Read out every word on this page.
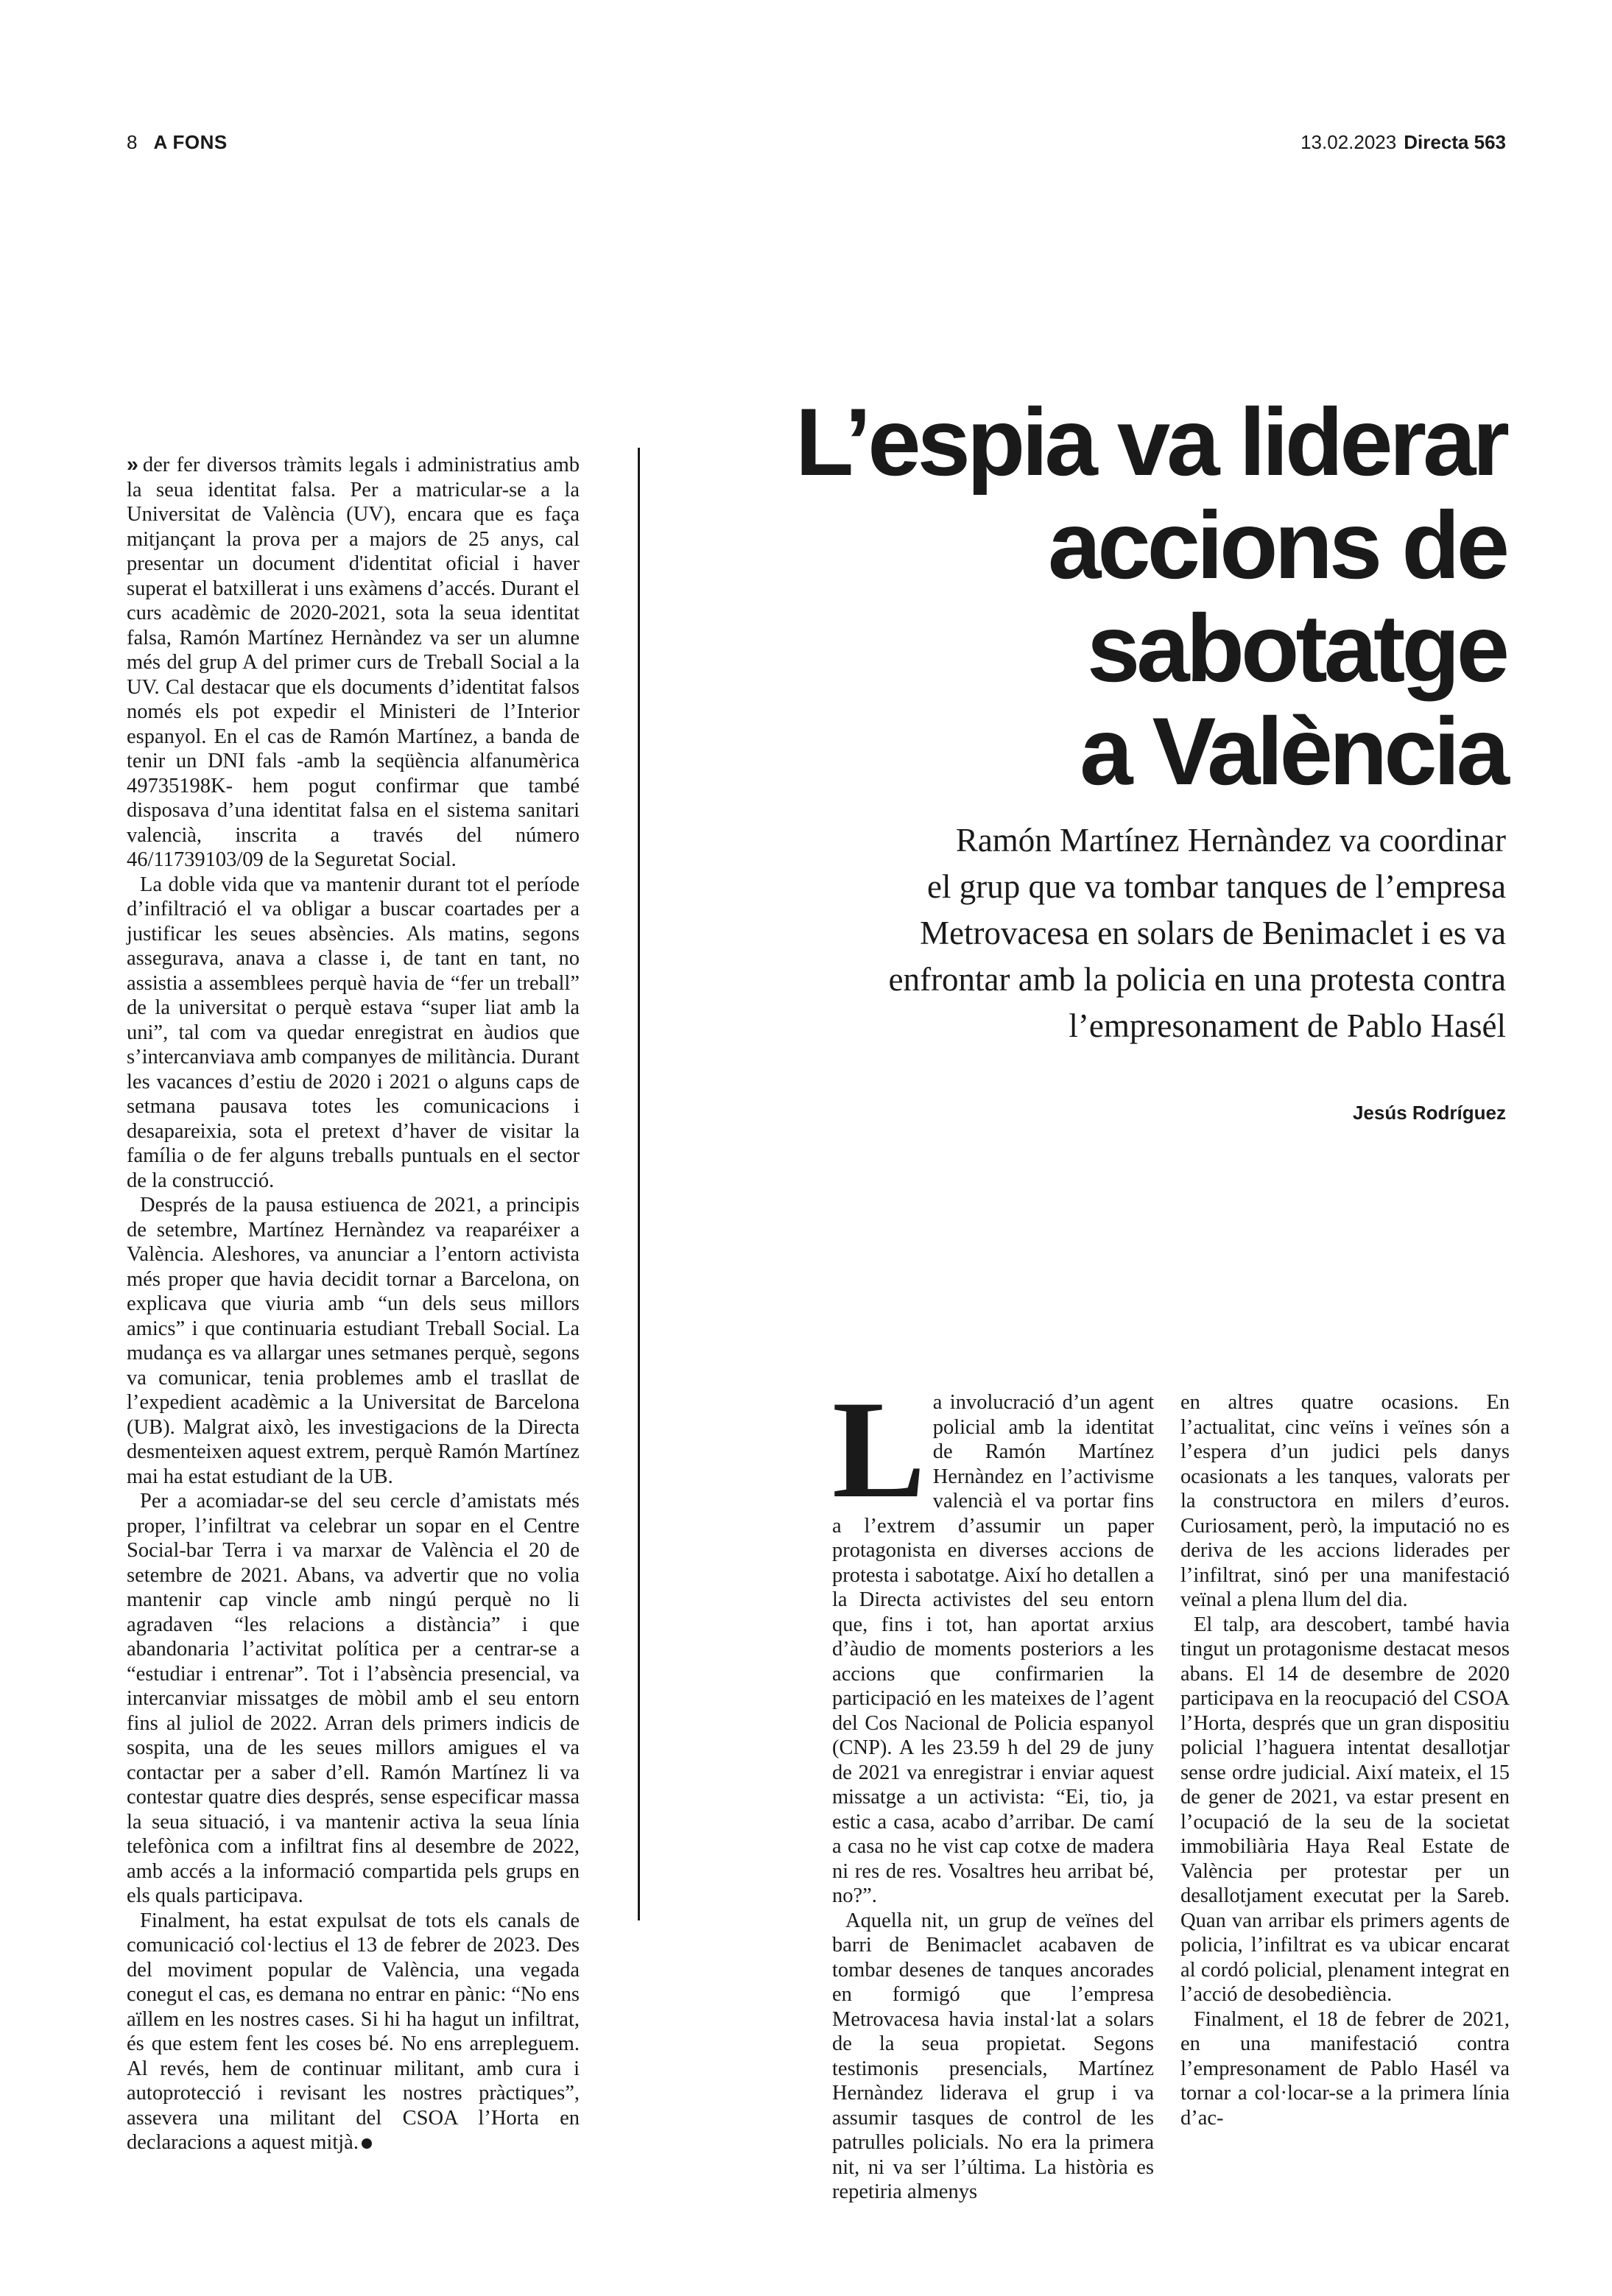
8 A FONS	13.02.2023 Directa 563

» der fer diversos tràmits legals i administratius amb la seua identitat falsa. Per a matricular-se a la Universitat de València (UV), encara que es faça mitjançant la prova per a majors de 25 anys, cal presentar un document d'identitat oficial i haver superat el batxillerat i uns exàmens d’accés. Durant el curs acadèmic de 2020-2021, sota la seua identitat falsa, Ramón Martínez Hernàndez va ser un alumne més del grup A del primer curs de Treball Social a la UV. Cal destacar que els documents d’identitat falsos només els pot expedir el Ministeri de l’Interior espanyol. En el cas de Ramón Martínez, a banda de tenir un DNI fals -amb la seqüència alfanumèrica 49735198K- hem pogut confirmar que també disposava d’una identitat falsa en el sistema sanitari valencià, inscrita a través del número 46/11739103/09 de la Seguretat Social.

La doble vida que va mantenir durant tot el període d’infiltració el va obligar a buscar coartades per a justificar les seues absències. Als matins, segons assegurava, anava a classe i, de tant en tant, no assistia a assemblees perquè havia de “fer un treball” de la universitat o perquè estava “super liat amb la uni”, tal com va quedar enregistrat en àudios que s’intercanviava amb companyes de militància. Durant les vacances d’estiu de 2020 i 2021 o alguns caps de setmana pausava totes les comunicacions i desapareixia, sota el pretext d’haver de visitar la família o de fer alguns treballs puntuals en el sector de la construcció.

Després de la pausa estiuenca de 2021, a principis de setembre, Martínez Hernàndez va reaparéixer a València. Aleshores, va anunciar a l’entorn activista més proper que havia decidit tornar a Barcelona, on explicava que viuria amb “un dels seus millors amics” i que continuaria estudiant Treball Social. La mudança es va allargar unes setmanes perquè, segons va comunicar, tenia problemes amb el trasllat de l’expedient acadèmic a la Universitat de Barcelona (UB). Malgrat això, les investigacions de la Directa desmenteixen aquest extrem, perquè Ramón Martínez mai ha estat estudiant de la UB.

Per a acomiadar-se del seu cercle d’amistats més proper, l’infiltrat va celebrar un sopar en el Centre Social-bar Terra i va marxar de València el 20 de setembre de 2021. Abans, va advertir que no volia mantenir cap vincle amb ningú perquè no li agradaven “les relacions a distància” i que abandonaria l’activitat política per a centrar-se a “estudiar i entrenar”. Tot i l’absència presencial, va intercanviar missatges de mòbil amb el seu entorn fins al juliol de 2022. Arran dels primers indicis de sospita, una de les seues millors amigues el va contactar per a saber d’ell. Ramón Martínez li va contestar quatre dies després, sense especificar massa la seua situació, i va mantenir activa la seua línia telefònica com a infiltrat fins al desembre de 2022, amb accés a la informació compartida pels grups en els quals participava.

Finalment, ha estat expulsat de tots els canals de comunicació col·lectius el 13 de febrer de 2023. Des del moviment popular de València, una vegada conegut el cas, es demana no entrar en pànic: “No ens aïllem en les nostres cases. Si hi ha hagut un infiltrat, és que estem fent les coses bé. No ens arrepleguem. Al revés, hem de continuar militant, amb cura i autoprotecció i revisant les nostres pràctiques”, assevera una militant del CSOA l’Horta en declaracions a aquest mitjà.

L’espia va liderar
accions de
sabotatge
a València

Ramón Martínez Hernàndez va coordinar
el grup que va tombar tanques de l’empresa
Metrovacesa en solars de Benimaclet i es va
enfrontar amb la policia en una protesta contra
l’empresonament de Pablo Hasél

Jesús Rodríguez

La involucració d’un agent policial amb la identitat de Ramón Martínez Hernàndez en l’activisme valencià el va portar fins a l’extrem d’assumir un paper protagonista en diverses accions de protesta i sabotatge. Així ho detallen a la Directa activistes del seu entorn que, fins i tot, han aportat arxius d’àudio de moments posteriors a les accions que confirmarien la participació en les mateixes de l’agent del Cos Nacional de Policia espanyol (CNP). A les 23.59 h del 29 de juny de 2021 va enregistrar i enviar aquest missatge a un activista: “Ei, tio, ja estic a casa, acabo d’arribar. De camí a casa no he vist cap cotxe de madera ni res de res. Vosaltres heu arribat bé, no?”.

Aquella nit, un grup de veïnes del barri de Benimaclet acabaven de tombar desenes de tanques ancorades en formigó que l’empresa Metrovacesa havia instal·lat a solars de la seua propietat. Segons testimonis presencials, Martínez Hernàndez liderava el grup i va assumir tasques de control de les patrulles policials. No era la primera nit, ni va ser l’última. La història es repetiria almenys

en altres quatre ocasions. En l’actualitat, cinc veïns i veïnes són a l’espera d’un judici pels danys ocasionats a les tanques, valorats per la constructora en milers d’euros. Curiosament, però, la imputació no es deriva de les accions liderades per l’infiltrat, sinó per una manifestació veïnal a plena llum del dia.

El talp, ara descobert, també havia tingut un protagonisme destacat mesos abans. El 14 de desembre de 2020 participava en la reocupació del CSOA l’Horta, després que un gran dispositiu policial l’haguera intentat desallotjar sense ordre judicial. Així mateix, el 15 de gener de 2021, va estar present en l’ocupació de la seu de la societat immobiliària Haya Real Estate de València per protestar per un desallotjament executat per la Sareb. Quan van arribar els primers agents de policia, l’infiltrat es va ubicar encarat al cordó policial, plenament integrat en l’acció de desobediència.

Finalment, el 18 de febrer de 2021, en una manifestació contra l’empresonament de Pablo Hasél va tornar a col·locar-se a la primera línia d’ac-
